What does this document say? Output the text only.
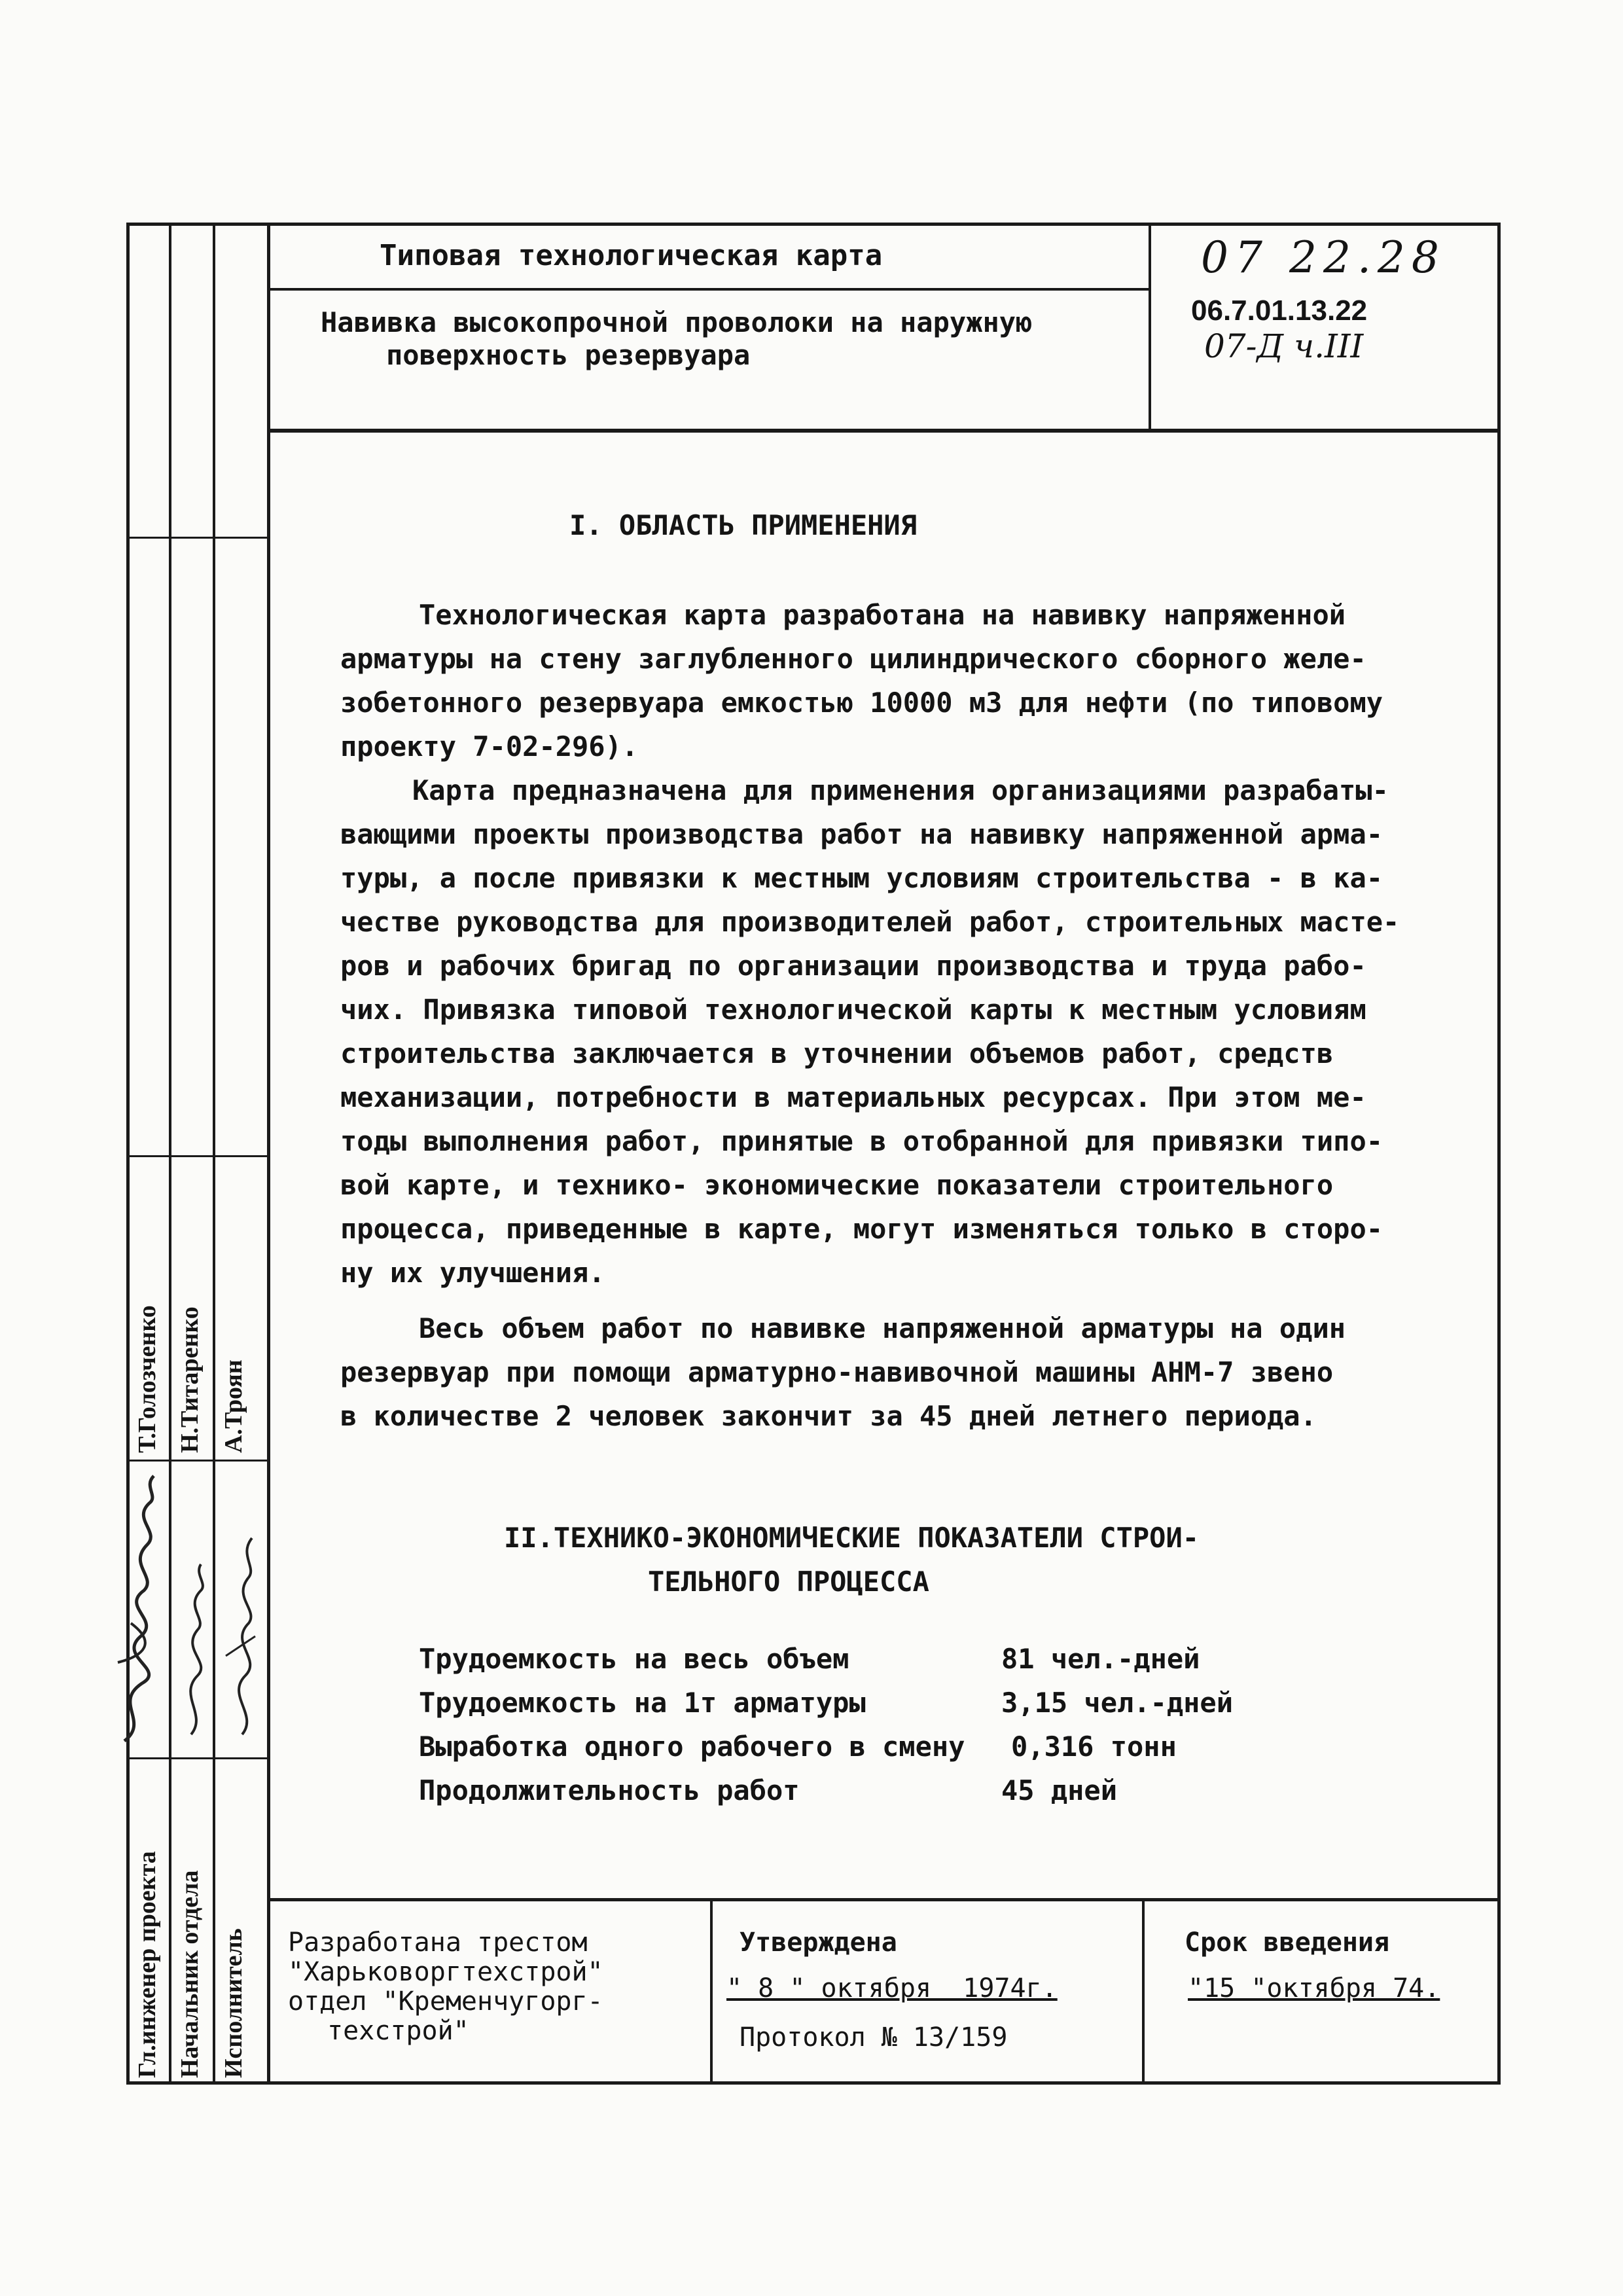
Типовая технологическая карта
Навивка высокопрочной проволоки на наружную
поверхность резервуара
07 22.28
06.7.01.13.22
07-Д ч.III
I. ОБЛАСТЬ ПРИМЕНЕНИЯ
Технологическая карта разработана на навивку напряженной
арматуры на стену заглубленного цилиндрического сборного желе-
зобетонного резервуара емкостью 10000 м3 для нефти (по типовому
проекту 7-02-296).
Карта предназначена для применения организациями разрабаты-
вающими проекты производства работ на навивку напряженной арма-
туры, а после привязки к местным условиям строительства - в ка-
честве руководства для производителей работ, строительных масте-
ров и рабочих бригад по организации производства и труда рабо-
чих. Привязка типовой технологической карты к местным условиям
строительства заключается в уточнении объемов работ, средств
механизации, потребности в материальных ресурсах. При этом ме-
тоды выполнения работ, принятые в отобранной для привязки типо-
вой карте, и технико- экономические показатели строительного
процесса, приведенные в карте, могут изменяться только в сторо-
ну их улучшения.
Весь объем работ по навивке напряженной арматуры на один
резервуар при помощи арматурно-навивочной машины АНМ-7 звено
в количестве 2 человек закончит за 45 дней летнего периода.
II.ТЕХНИКО-ЭКОНОМИЧЕСКИЕ ПОКАЗАТЕЛИ СТРОИ-
ТЕЛЬНОГО ПРОЦЕССА
Трудоемкость на весь объем	81 чел.-дней
Трудоемкость на 1т арматуры	3,15 чел.-дней
Выработка одного рабочего в смену 0,316 тонн
Продолжительность работ	45 дней
Разработана трестом
"Харьковоргтехстрой"
отдел "Кременчугорг-
техстрой"
Утверждена
" 8 " октября  1974г.
Протокол № 13/159
Срок введения
"15 "октября 74.
Гл.инженер проекта Начальник отдела Исполнитель
Т.Голозченко Н.Титаренко А.Троян
